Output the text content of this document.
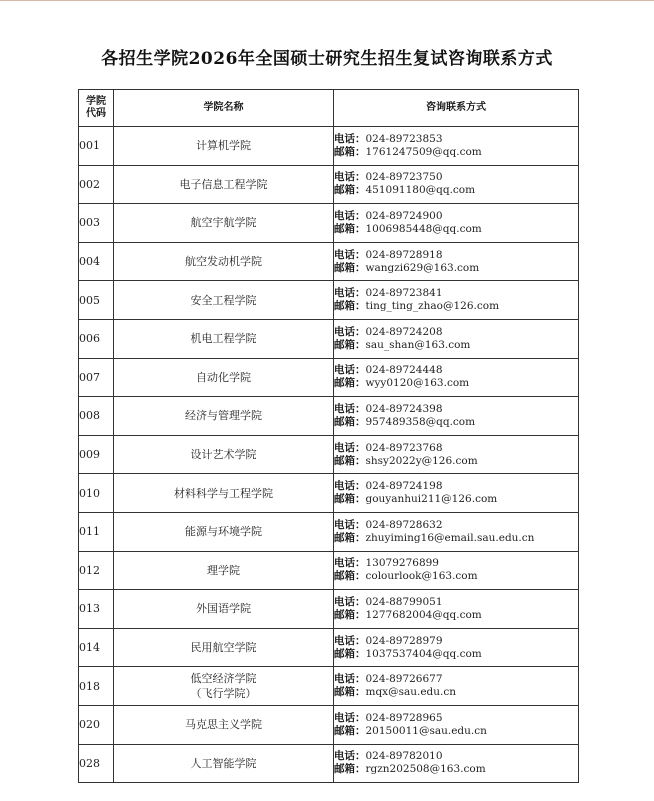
各招生学院2026年全国硕士研究生招生复试咨询联系方式
学院
代码	学院名称	咨询联系方式
001	计算机学院	电话：024-89723853
邮箱：1761247509@qq.com

002	电子信息工程学院	电话：024-89723750
邮箱：451091180@qq.com

003	航空宇航学院	电话：024-89724900
邮箱：1006985448@qq.com

004	航空发动机学院	电话：024-89728918
邮箱：wangzi629@163.com

005	安全工程学院	电话：024-89723841
邮箱：ting_ting_zhao@126.com

006	机电工程学院	电话：024-89724208
邮箱：sau_shan@163.com

007	自动化学院	电话：024-89724448
邮箱：wyy0120@163.com

008	经济与管理学院	电话：024-89724398
邮箱：957489358@qq.com

009	设计艺术学院	电话：024-89723768
邮箱：shsy2022y@126.com

010	材料科学与工程学院	电话：024-89724198
邮箱：gouyanhui211@126.com

011	能源与环境学院	电话：024-89728632
邮箱：zhuyiming16@email.sau.edu.cn

012	理学院	电话：13079276899
邮箱：colourlook@163.com

013	外国语学院	电话：024-88799051
邮箱：1277682004@qq.com

014	民用航空学院	电话：024-89728979
邮箱：1037537404@qq.com

018	低空经济学院
（飞行学院）	电话：024-89726677
邮箱：mqx@sau.edu.cn

020	马克思主义学院	电话：024-89728965
邮箱：20150011@sau.edu.cn

028	人工智能学院	电话：024-89782010
邮箱：rgzn202508@163.com
